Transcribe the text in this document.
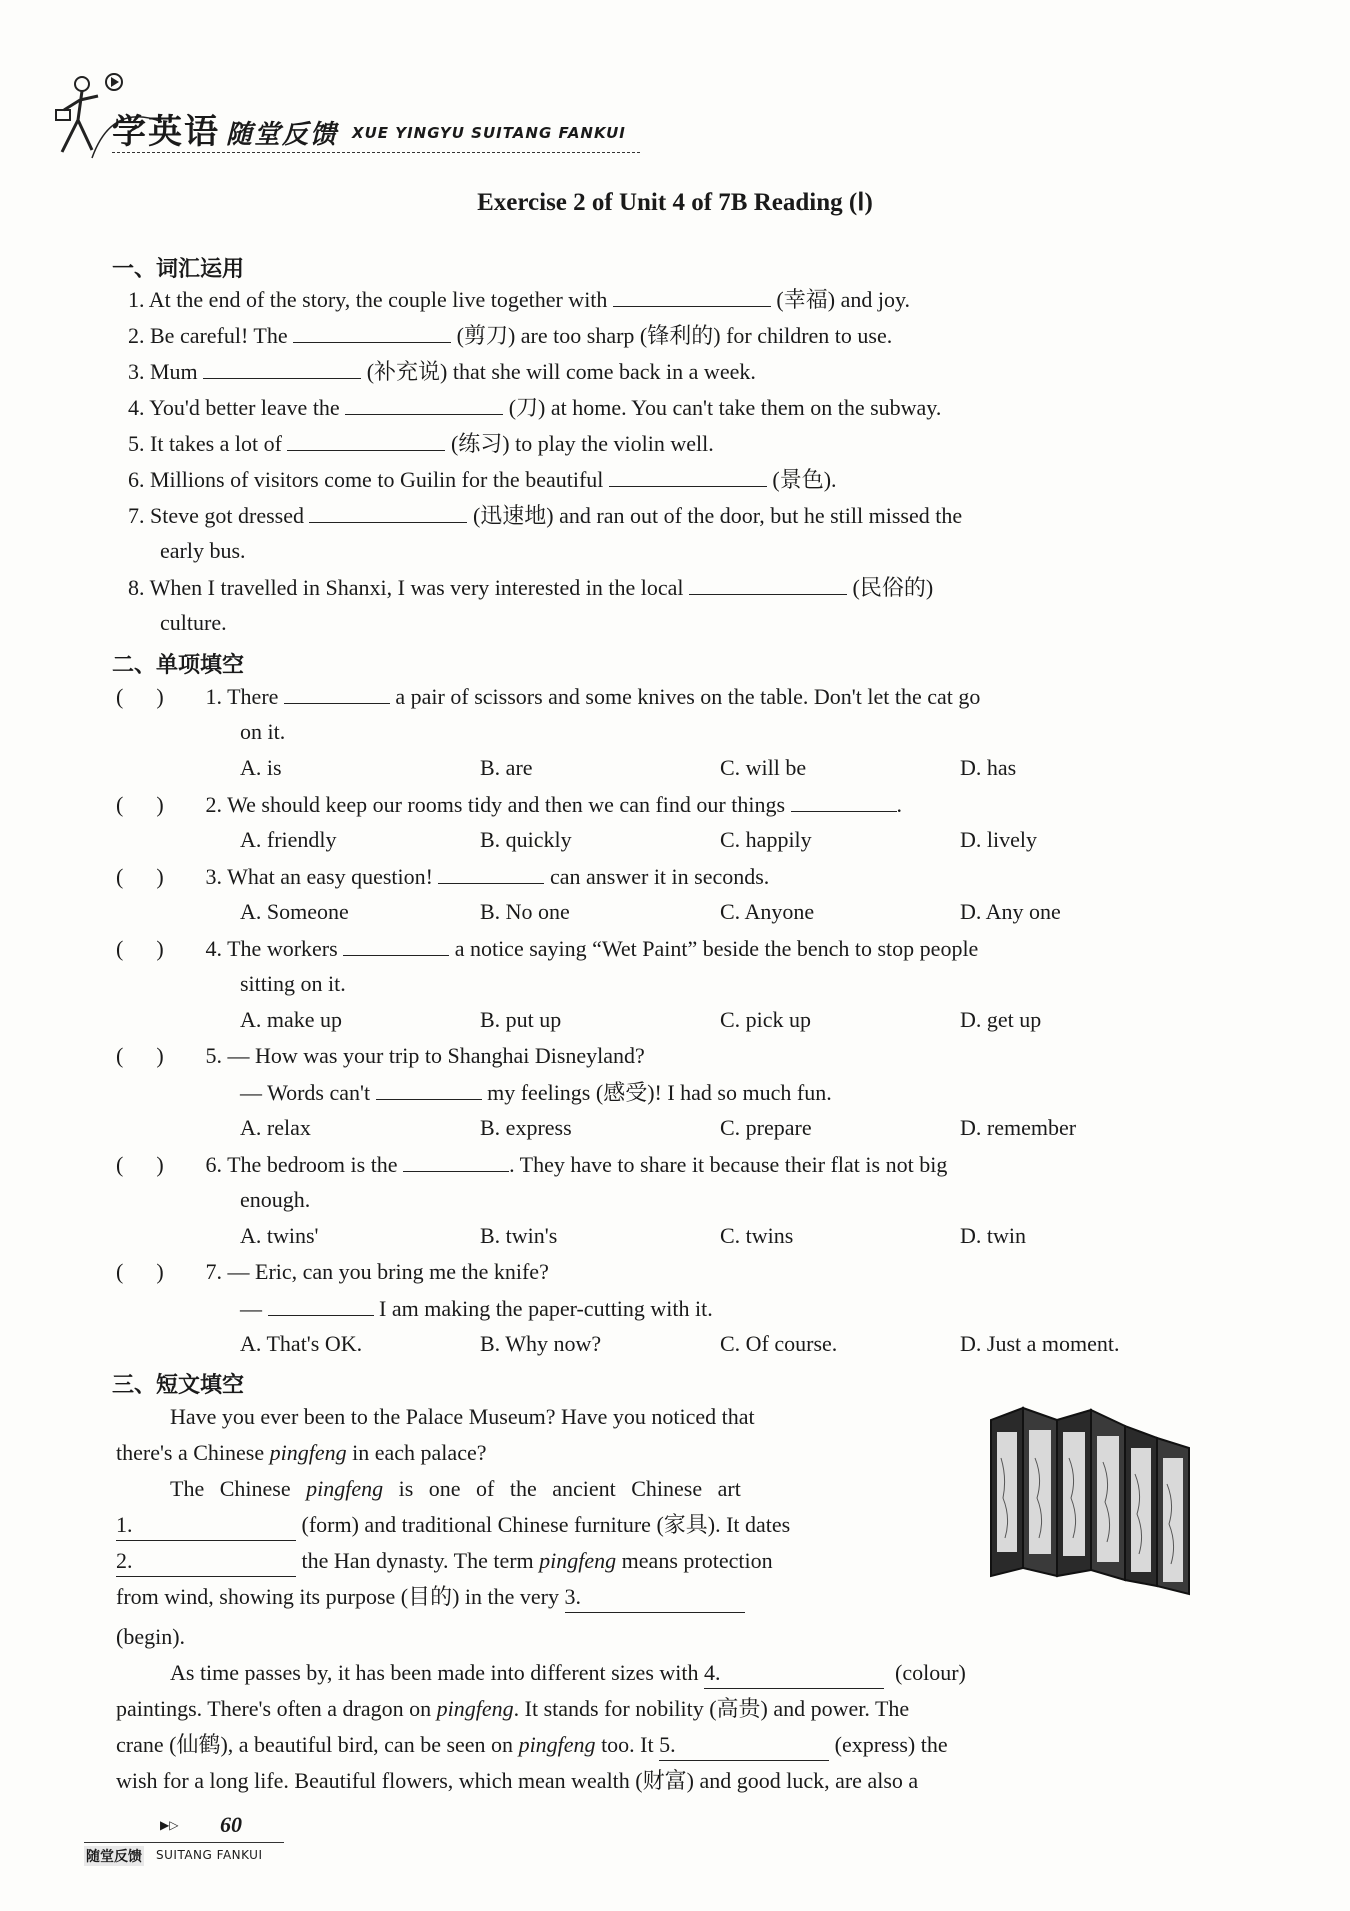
学英语 随堂反馈 XUE YINGYU SUITANG FANKUI
Exercise 2 of Unit 4 of 7B Reading (Ⅰ)
一、词汇运用
1. At the end of the story, the couple live together with	(幸福) and joy.
2. Be careful! The	(剪刀) are too sharp (锋利的) for children to use.
3. Mum	(补充说) that she will come back in a week.
4. You'd better leave the	(刀) at home. You can't take them on the subway.
5. It takes a lot of	(练习) to play the violin well.
6. Millions of visitors come to Guilin for the beautiful	(景色).
7. Steve got dressed	(迅速地) and ran out of the door, but he still missed the
early bus.
8. When I travelled in Shanxi, I was very interested in the local	(民俗的)
culture.
二、单项填空
(      ) 1. There	a pair of scissors and some knives on the table. Don't let the cat go
on it.
A. is	B. are	C. will be	D. has
(      ) 2. We should keep our rooms tidy and then we can find our things	.
A. friendly	B. quickly	C. happily	D. lively
(      ) 3. What an easy question!	can answer it in seconds.
A. Someone	B. No one	C. Anyone	D. Any one
(      ) 4. The workers	a notice saying “Wet Paint” beside the bench to stop people
sitting on it.
A. make up	B. put up	C. pick up	D. get up
(      ) 5. — How was your trip to Shanghai Disneyland?
— Words can't	my feelings (感受)! I had so much fun.
A. relax	B. express	C. prepare	D. remember
(      ) 6. The bedroom is the	. They have to share it because their flat is not big
enough.
A. twins'	B. twin's	C. twins	D. twin
(      ) 7. — Eric, can you bring me the knife?
—	I am making the paper-cutting with it.
A. That's OK.	B. Why now?	C. Of course.	D. Just a moment.
三、短文填空
Have you ever been to the Palace Museum? Have you noticed that
there's a Chinese pingfeng in each palace?
The Chinese pingfeng is one of the ancient Chinese art
1.	(form) and traditional Chinese furniture (家具). It dates
2.	the Han dynasty. The term pingfeng means protection
from wind, showing its purpose (目的) in the very 3.
(begin).
As time passes by, it has been made into different sizes with 4.	(colour)
paintings. There's often a dragon on pingfeng. It stands for nobility (高贵) and power. The
crane (仙鹤), a beautiful bird, can be seen on pingfeng too. It 5.	(express) the
wish for a long life. Beautiful flowers, which mean wealth (财富) and good luck, are also a
▶▷ 60
随堂反馈 SUITANG FANKUI
